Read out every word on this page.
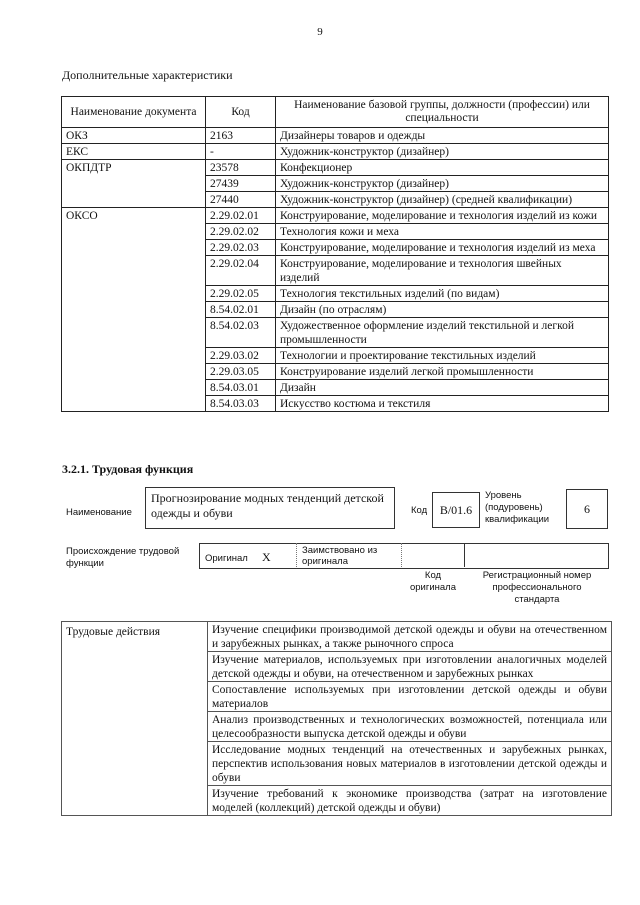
9
Дополнительные характеристики
Наименование документа	Код	Наименование базовой группы, должности (профессии) или специальности
ОКЗ	2163	Дизайнеры товаров и одежды
ЕКС	-	Художник-конструктор (дизайнер)
ОКПДТР	23578	Конфекционер
	27439	Художник-конструктор (дизайнер)
	27440	Художник-конструктор (дизайнер) (средней квалификации)
ОКСО	2.29.02.01	Конструирование, моделирование и технология изделий из кожи
	2.29.02.02	Технология кожи и меха
	2.29.02.03	Конструирование, моделирование и технология изделий из меха
	2.29.02.04	Конструирование, моделирование и технология швейных изделий
	2.29.02.05	Технология текстильных изделий (по видам)
	8.54.02.01	Дизайн (по отраслям)
	8.54.02.03	Художественное оформление изделий текстильной и легкой промышленности
	2.29.03.02	Технологии и проектирование текстильных изделий
	2.29.03.05	Конструирование изделий легкой промышленности
	8.54.03.01	Дизайн
	8.54.03.03	Искусство костюма и текстиля
3.2.1. Трудовая функция
Наименование
Прогнозирование модных тенденций детской одежды и обуви	Код	B/01.6
Уровень (подуровень) квалификации
6
Происхождение трудовой функции	Оригинал X	Заимствовано из оригинала
Код оригинала
Регистрационный номер профессионального стандарта
Трудовые действия	Изучение специфики производимой детской одежды и обуви на отечественном и зарубежных рынках, а также рыночного спроса
Изучение материалов, используемых при изготовлении аналогичных моделей детской одежды и обуви, на отечественном и зарубежных рынках
Сопоставление используемых при изготовлении детской одежды и обуви материалов
Анализ производственных и технологических возможностей, потенциала или целесообразности выпуска детской одежды и обуви
Исследование модных тенденций на отечественных и зарубежных рынках, перспектив использования новых материалов в изготовлении детской одежды и обуви
Изучение требований к экономике производства (затрат на изготовление моделей (коллекций) детской одежды и обуви)
